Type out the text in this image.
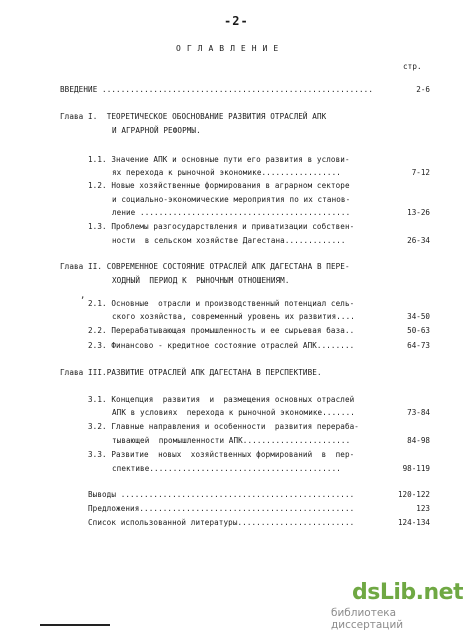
-2-
ОГЛАВЛЕНИЕ
стр.
ВВЕДЕНИЕ ..........................................................	2-6
Глава I.  ТЕОРЕТИЧЕСКОЕ ОБОСНОВАНИЕ РАЗВИТИЯ ОТРАСЛЕЙ АПК
И АГРАРНОЙ РЕФОРМЫ.
1.1. Значение АПК и основные пути его развития в услови-
ях перехода к рыночной экономике.................	7-12
1.2. Новые хозяйственные формирования в аграрном секторе
и социально-экономические мероприятия по их станов-
ление .............................................	13-26
1.3. Проблемы разгосударствления и приватизации собствен-
ности  в сельском хозяйстве Дагестана.............	26-34
Глава II. СОВРЕМЕННОЕ СОСТОЯНИЕ ОТРАСЛЕЙ АПК ДАГЕСТАНА В ПЕРЕ-
ХОДНЫЙ  ПЕРИОД К  РЫНОЧНЫМ ОТНОШЕНИЯМ.
,
2.1. Основные  отрасли и производственный потенциал сель-
ского хозяйства, современный уровень их развития....	34-50
2.2. Перерабатывающая промышленность и ее сырьевая база..	50-63
2.3. Финансово - кредитное состояние отраслей АПК........	64-73
Глава III.РАЗВИТИЕ ОТРАСЛЕЙ АПК ДАГЕСТАНА В ПЕРСПЕКТИВЕ.
3.1. Концепция  развития  и  размещения основных отраслей
АПК в условиях  перехода к рыночной экономике.......	73-84
3.2. Главные направления и особенности  развития перераба-
тывающей  промышленности АПК.......................	84-98
3.3. Развитие  новых  хозяйственных формирований  в  пер-
спективе.........................................	98-119
Выводы ..................................................	120-122
Предложения..............................................	123
Список использованной литературы.........................	124-134
dsLib.net
библиотека диссертаций
